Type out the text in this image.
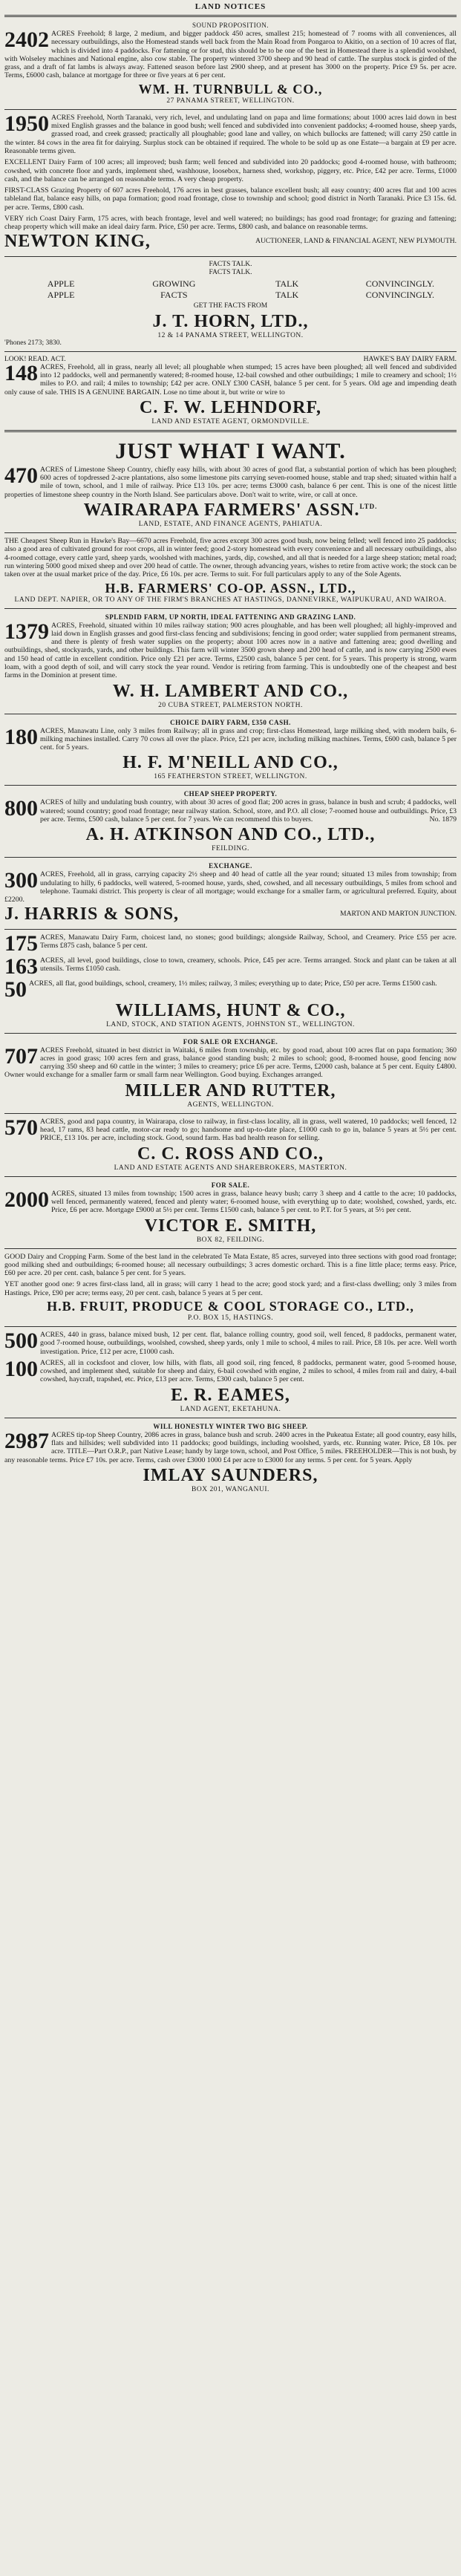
LAND NOTICES
SOUND PROPOSITION.
2402 ACRES Freehold; 8 large, 2 medium, and bigger paddock 450 acres, smallest 215; homestead of 7 rooms with all conveniences, all necessary outbuildings, also the Homestead stands well back from the Main Road from Pongaroa to Akitio, on a section of 10 acres of flat, which is divided into 4 paddocks. For fattening or for stud, this should be to be one of the best in Homestead there is a splendid woolshed, with Wolseley machines and National engine, also cow stable. The property wintered 3700 sheep and 90 head of cattle. The surplus stock is girded of the grass, and a draft of fat lambs is always away. Fattened season before last 2900 sheep, and at present has 3000 on the property. Price £9 5s. per acre. Terms, £6000 cash, balance at mortgage for three or five years at 6 per cent.
WM. H. TURNBULL & CO.,
27 PANAMA STREET, WELLINGTON.
1950 ACRES Freehold, North Taranaki, very rich, level, and undulating land on papa and lime formations; about 1000 acres laid down in best mixed English grasses and the balance in good bush; well fenced and subdivided into convenient paddocks; 4-roomed house, sheep yards, grassed road, and creek grassed; practically all ploughable; good lane and valley, on which bullocks are fattened; will carry 250 cattle in the winter. 84 cows in the area fit for dairying. Surplus stock can be obtained if required. The whole to be sold up as one Estate—a bargain at £9 per acre. Reasonable terms given.
EXCELLENT Dairy Farm of 100 acres; all improved; bush farm; well fenced and subdivided into 20 paddocks; good 4-roomed house, with bathroom; cowshed, with concrete floor and yards, implement shed, washhouse, loosebox, harness shed, workshop, piggery, etc. Price, £42 per acre. Terms, £1000 cash, and the balance can be arranged on reasonable terms. A very cheap property.
FIRST-CLASS Grazing Property of 607 acres Freehold, 176 acres in best grasses, balance excellent bush; all easy country; 400 acres flat and 100 acres tableland flat, balance easy hills, on papa formation; good road frontage, close to township and school; good district in North Taranaki. Price £3 15s. 6d. per acre. Terms, £800 cash.
VERY rich Coast Dairy Farm, 175 acres, with beach frontage, level and well watered; no buildings; has good road frontage; for grazing and fattening; cheap property which will make an ideal dairy farm. Price, £50 per acre. Terms, £800 cash, and balance on reasonable terms.
NEWTON KING,	AUCTIONEER, LAND & FINANCIAL AGENT, NEW PLYMOUTH.
FACTS TALK.
FACTS TALK.
APPLE	GROWING	TALK	CONVINCINGLY.
APPLE	FACTS	TALK	CONVINCINGLY.
GET THE FACTS FROM
J. T. HORN, LTD.,
12 & 14 PANAMA STREET, WELLINGTON.
'Phones 2173; 3830.
LOOK! READ. ACT.	HAWKE'S BAY DAIRY FARM.
148 ACRES, Freehold, all in grass, nearly all level; all ploughable when stumped; 15 acres have been ploughed; all well fenced and subdivided into 12 paddocks, well and permanently watered; 8-roomed house, 12-bail cowshed and other outbuildings; 1 mile to creamery and school; 1½ miles to P.O. and rail; 4 miles to township; £42 per acre. ONLY £300 CASH, balance 5 per cent. for 5 years. Old age and impending death only cause of sale. THIS IS A GENUINE BARGAIN. Lose no time about it, but write or wire to
C. F. W. LEHNDORF,
LAND AND ESTATE AGENT, ORMONDVILLE.
JUST WHAT I WANT.
470 ACRES of Limestone Sheep Country, chiefly easy hills, with about 30 acres of good flat, a substantial portion of which has been ploughed; 600 acres of topdressed 2-acre plantations, also some limestone pits carrying seven-roomed house, stable and trap shed; situated within half a mile of town, school, and 1 mile of railway. Price £13 10s. per acre; terms £3000 cash, balance 6 per cent. This is one of the nicest little properties of limestone sheep country in the North Island. See particulars above. Don't wait to write, wire, or call at once.
WAIRARAPA FARMERS' ASSN.$^{LTD.}$
LAND, ESTATE, AND FINANCE AGENTS, PAHIATUA.
THE Cheapest Sheep Run in Hawke's Bay—6670 acres Freehold, five acres except 300 acres good bush, now being felled; well fenced into 25 paddocks; also a good area of cultivated ground for root crops, all in winter feed; good 2-story homestead with every convenience and all necessary outbuildings, also 4-roomed cottage, every cattle yard, sheep yards, woolshed with machines, yards, dip, cowshed, and all that is needed for a large sheep station; metal road; run wintering 5000 good mixed sheep and over 200 head of cattle. The owner, through advancing years, wishes to retire from active work; the stock can be taken over at the usual market price of the day. Price, £6 10s. per acre. Terms to suit. For full particulars apply to any of the Sole Agents.
H.B. FARMERS' CO-OP. ASSN., LTD.,
LAND DEPT. NAPIER, OR TO ANY OF THE FIRM'S BRANCHES AT HASTINGS, DANNEVIRKE, WAIPUKURAU, AND WAIROA.
SPLENDID FARM, UP NORTH, IDEAL FATTENING AND GRAZING LAND.
1379 ACRES, Freehold, situated within 10 miles railway station; 900 acres ploughable, and has been well ploughed; all highly-improved and laid down in English grasses and good first-class fencing and subdivisions; fencing in good order; water supplied from permanent streams, and there is plenty of fresh water supplies on the property; about 100 acres now in a native and fattening area; good dwelling and outbuildings, shed, stockyards, yards, and other buildings. This farm will winter 3500 grown sheep and 200 head of cattle, and is now carrying 2500 ewes and 150 head of cattle in excellent condition. Price only £21 per acre. Terms, £2500 cash, balance 5 per cent. for 5 years. This property is strong, warm loam, with a good depth of soil, and will carry stock the year round. Vendor is retiring from farming. This is undoubtedly one of the cheapest and best farms in the Dominion at present time.
W. H. LAMBERT AND CO.,
20 CUBA STREET, PALMERSTON NORTH.
CHOICE DAIRY FARM, £350 CASH.
180 ACRES, Manawatu Line, only 3 miles from Railway; all in grass and crop; first-class Homestead, large milking shed, with modern bails, 6-milking machines installed. Carry 70 cows all over the place. Price, £21 per acre, including milking machines. Terms, £600 cash, balance 5 per cent. for 5 years.
H. F. M'NEILL AND CO.,
165 FEATHERSTON STREET, WELLINGTON.
CHEAP SHEEP PROPERTY.
800 ACRES of hilly and undulating bush country, with about 30 acres of good flat; 200 acres in grass, balance in bush and scrub; 4 paddocks, well watered; sound country; good road frontage; near railway station. School, store, and P.O. all close; 7-roomed house and outbuildings. Price, £3 per acre. Terms, £500 cash, balance 5 per cent. for 7 years. We can recommend this to buyers.	No. 1879
A. H. ATKINSON AND CO., LTD.,
FEILDING.
EXCHANGE.
300 ACRES, Freehold, all in grass, carrying capacity 2½ sheep and 40 head of cattle all the year round; situated 13 miles from township; from undulating to hilly, 6 paddocks, well watered, 5-roomed house, yards, shed, cowshed, and all necessary outbuildings, 5 miles from school and telephone. Taumaki district. This property is clear of all mortgage; would exchange for a smaller farm, or agricultural preferred. Equity, about £2200.
J. HARRIS & SONS,	MARTON AND MARTON JUNCTION.
175 ACRES, Manawatu Dairy Farm, choicest land, no stones; good buildings; alongside Railway, School, and Creamery. Price £55 per acre. Terms £875 cash, balance 5 per cent.
163 ACRES, all level, good buildings, close to town, creamery, schools. Price, £45 per acre. Terms arranged. Stock and plant can be taken at all utensils. Terms £1050 cash.
50 ACRES, all flat, good buildings, school, creamery, 1½ miles; railway, 3 miles; everything up to date; Price, £50 per acre. Terms £1500 cash.
WILLIAMS, HUNT & CO.,
LAND, STOCK, AND STATION AGENTS, JOHNSTON ST., WELLINGTON.
FOR SALE OR EXCHANGE.
707 ACRES Freehold, situated in best district in Waitaki, 6 miles from township, etc. by good road, about 100 acres flat on papa formation; 360 acres in good grass; 100 acres fern and grass, balance good standing bush; 2 miles to school; good, 8-roomed house, good fencing now carrying 350 sheep and 60 cattle in the winter; 3 miles to creamery; price £6 per acre. Terms, £2000 cash, balance at 5 per cent. Equity £4800. Owner would exchange for a smaller farm or small farm near Wellington. Good buying. Exchanges arranged.
MILLER AND RUTTER,
AGENTS, WELLINGTON.
570 ACRES, good and papa country, in Wairarapa, close to railway, in first-class locality, all in grass, well watered, 10 paddocks; well fenced, 12 head, 17 rams, 83 head cattle, motor-car ready to go; handsome and up-to-date place, £1000 cash to go in, balance 5 years at 5½ per cent. PRICE, £13 10s. per acre, including stock. Good, sound farm. Has bad health reason for selling.
C. C. ROSS AND CO.,
LAND AND ESTATE AGENTS AND SHAREBROKERS, MASTERTON.
FOR SALE.
2000 ACRES, situated 13 miles from township; 1500 acres in grass, balance heavy bush; carry 3 sheep and 4 cattle to the acre; 10 paddocks, well fenced, permanently watered, fenced and plenty water; 6-roomed house, with everything up to date; woolshed, cowshed, yards, etc. Price, £6 per acre. Mortgage £9000 at 5½ per cent. Terms £1500 cash, balance 5 per cent. to P.T. for 5 years, at 5½ per cent.
VICTOR E. SMITH,
BOX 82, FEILDING.
GOOD Dairy and Cropping Farm. Some of the best land in the celebrated Te Mata Estate, 85 acres, surveyed into three sections with good road frontage; good milking shed and outbuildings; 6-roomed house; all necessary outbuildings; 3 acres domestic orchard. This is a fine little place; terms easy. Price, £60 per acre. 20 per cent. cash, balance 5 per cent. for 5 years.
YET another good one: 9 acres first-class land, all in grass; will carry 1 head to the acre; good stock yard; and a first-class dwelling; only 3 miles from Hastings. Price, £90 per acre; terms easy, 20 per cent. cash, balance 5 years at 5 per cent.
H.B. FRUIT, PRODUCE & COOL STORAGE CO., LTD.,
P.O. BOX 15, HASTINGS.
500 ACRES, 440 in grass, balance mixed bush, 12 per cent. flat, balance rolling country, good soil, well fenced, 8 paddocks, permanent water, good 7-roomed house, outbuildings, woolshed, cowshed, sheep yards, only 1 mile to school, 4 miles to rail. Price, £8 10s. per acre. Well worth investigation. Price, £12 per acre, £1000 cash.
100 ACRES, all in cocksfoot and clover, low hills, with flats, all good soil, ring fenced, 8 paddocks, permanent water, good 5-roomed house, cowshed, and implement shed, suitable for sheep and dairy, 6-bail cowshed with engine, 2 miles to school, 4 miles from rail and dairy, 4-bail cowshed, haycraft, trapshed, etc. Price, £13 per acre. Terms, £300 cash, balance 5 per cent.
E. R. EAMES,
LAND AGENT, EKETAHUNA.
WILL HONESTLY WINTER TWO BIG SHEEP.
2987 ACRES tip-top Sheep Country, 2086 acres in grass, balance bush and scrub. 2400 acres in the Pukeatua Estate; all good country, easy hills, flats and hillsides; well subdivided into 11 paddocks; good buildings, including woolshed, yards, etc. Running water. Price, £8 10s. per acre. TITLE—Part O.R.P., part Native Lease; handy by large town, school, and Post Office, 5 miles. FREEHOLDER—This is not bush, by any reasonable terms. Price £7 10s. per acre. Terms, cash over £3000 1000 £4 per acre to £3000 for any terms. 5 per cent. for 5 years. Apply
IMLAY SAUNDERS,
BOX 201, WANGANUI.
